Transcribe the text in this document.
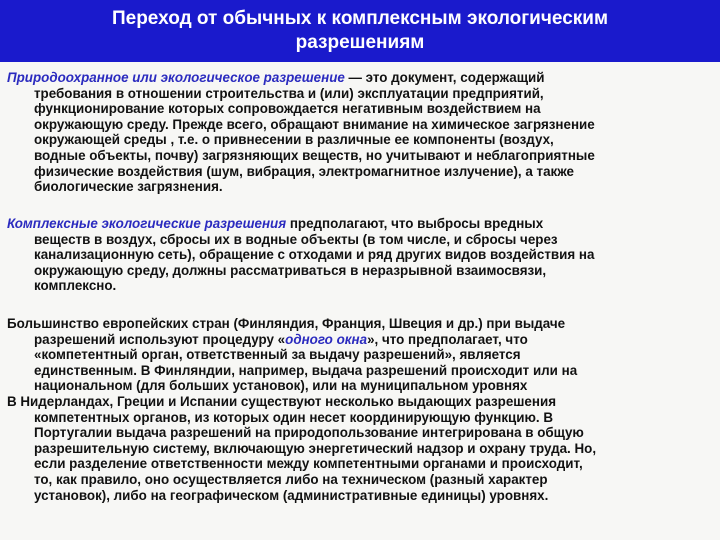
Переход от обычных к комплексным экологическим
разрешениям

Природоохранное или экологическое разрешение — это документ, содержащий
требования в отношении строительства и (или) эксплуатации предприятий,
функционирование которых сопровождается негативным воздействием на
окружающую среду. Прежде всего, обращают внимание на химическое загрязнение
окружающей среды , т.е. о привнесении в различные ее компоненты (воздух,
водные объекты, почву) загрязняющих веществ, но учитывают и неблагоприятные
физические воздействия (шум, вибрация, электромагнитное излучение), а также
биологические загрязнения.

Комплексные экологические разрешения предполагают, что выбросы вредных
веществ в воздух, сбросы их в водные объекты (в том числе, и сбросы через
канализационную сеть), обращение с отходами и ряд других видов воздействия на
окружающую среду, должны рассматриваться в неразрывной взаимосвязи,
комплексно.

Большинство европейских стран (Финляндия, Франция, Швеция и др.) при выдаче
разрешений используют процедуру «одного окна», что предполагает, что
«компетентный орган, ответственный за выдачу разрешений», является
единственным. В Финляндии, например, выдача разрешений происходит или на
национальном (для больших установок), или на муниципальном уровнях

В Нидерландах, Греции и Испании существуют несколько выдающих разрешения
компетентных органов, из которых один несет координирующую функцию. В
Португалии выдача разрешений на природопользование интегрирована в общую
разрешительную систему, включающую энергетический надзор и охрану труда. Но,
если разделение ответственности между компетентными органами и происходит,
то, как правило, оно осуществляется либо на техническом (разный характер
установок), либо на географическом (административные единицы) уровнях.
